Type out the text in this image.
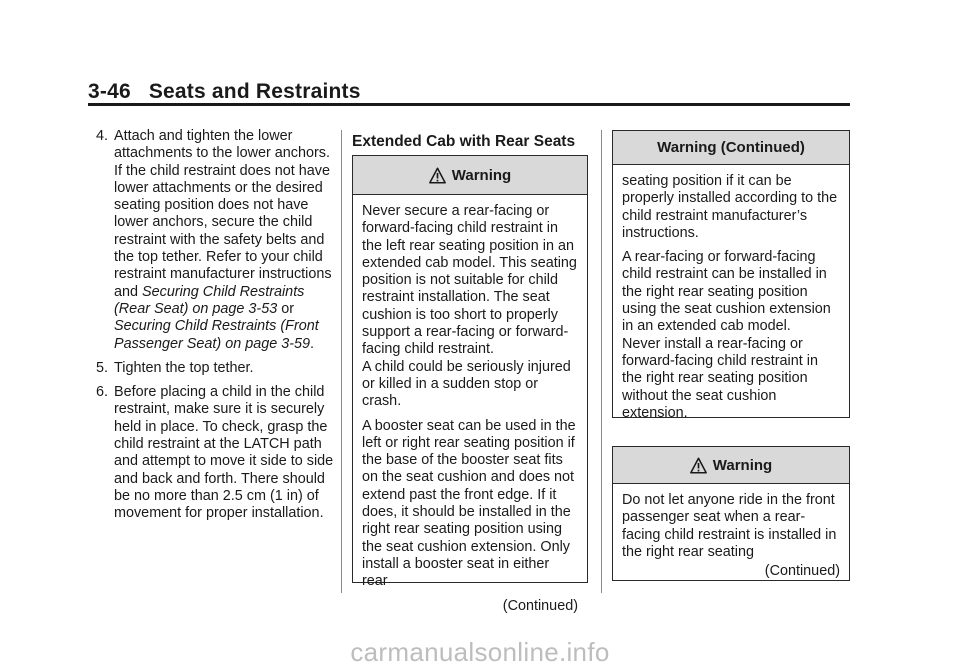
3-46 Seats and Restraints
4. Attach and tighten the lower attachments to the lower anchors. If the child restraint does not have lower attachments or the desired seating position does not have lower anchors, secure the child restraint with the safety belts and the top tether. Refer to your child restraint manufacturer instructions and Securing Child Restraints (Rear Seat) on page 3-53 or Securing Child Restraints (Front Passenger Seat) on page 3-59.
5. Tighten the top tether.
6. Before placing a child in the child restraint, make sure it is securely held in place. To check, grasp the child restraint at the LATCH path and attempt to move it side to side and back and forth. There should be no more than 2.5 cm (1 in) of movement for proper installation.
Extended Cab with Rear Seats
Warning

Never secure a rear-facing or forward-facing child restraint in the left rear seating position in an extended cab model. This seating position is not suitable for child restraint installation. The seat cushion is too short to properly support a rear-facing or forward-facing child restraint.
A child could be seriously injured or killed in a sudden stop or crash.

A booster seat can be used in the left or right rear seating position if the base of the booster seat fits on the seat cushion and does not extend past the front edge. If it does, it should be installed in the right rear seating position using the seat cushion extension. Only install a booster seat in either rear

(Continued)
Warning (Continued)

seating position if it can be properly installed according to the child restraint manufacturer’s instructions.

A rear-facing or forward-facing child restraint can be installed in the right rear seating position using the seat cushion extension in an extended cab model.
Never install a rear-facing or forward-facing child restraint in the right rear seating position without the seat cushion extension.

Warning

Do not let anyone ride in the front passenger seat when a rear-facing child restraint is installed in the right rear seating

(Continued)
carmanualsonline.info
